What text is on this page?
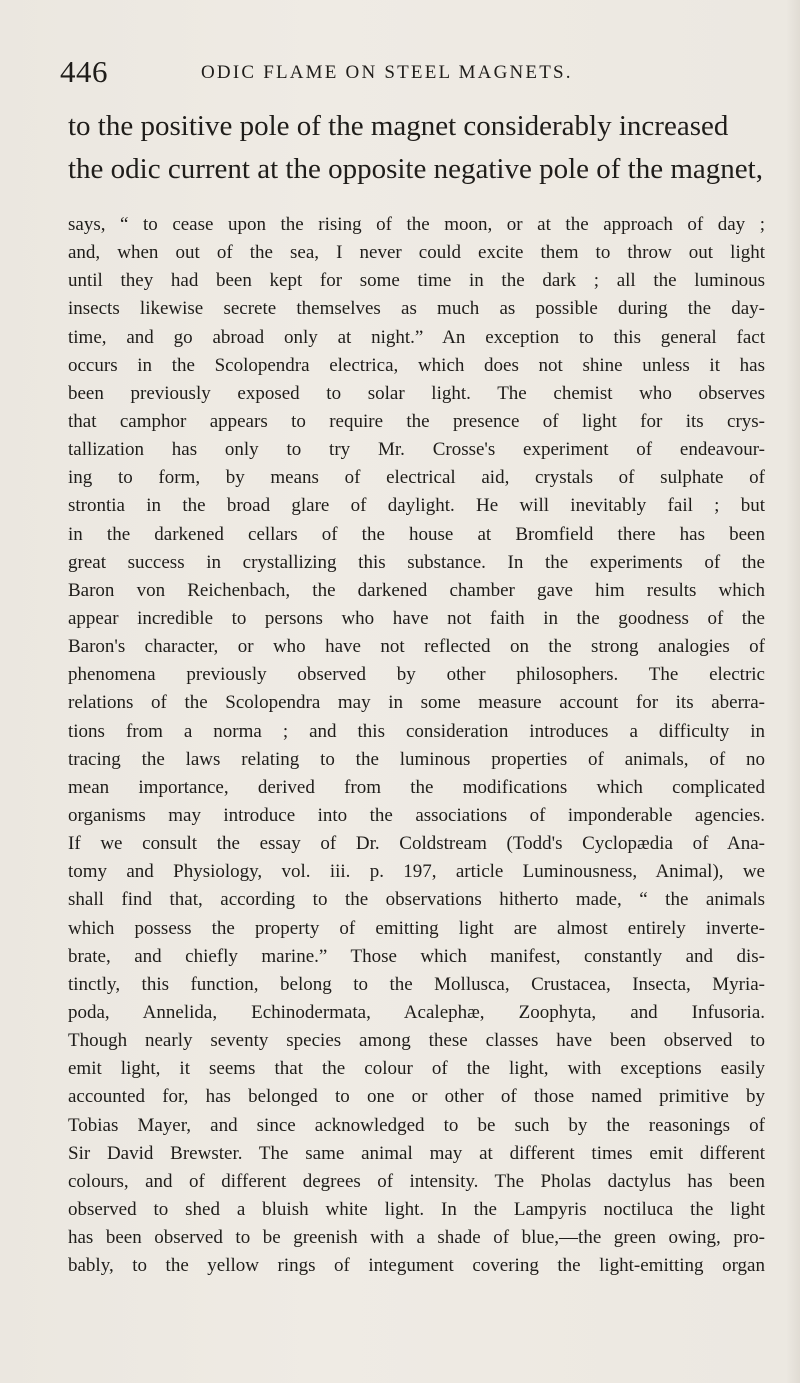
446	ODIC FLAME ON STEEL MAGNETS.
to the positive pole of the magnet considerably increased
the odic current at the opposite negative pole of the magnet,
says, “ to cease upon the rising of the moon, or at the approach of day ;
and, when out of the sea, I never could excite them to throw out light
until they had been kept for some time in the dark ; all the luminous
insects likewise secrete themselves as much as possible during the day-
time, and go abroad only at night.” An exception to this general fact
occurs in the Scolopendra electrica, which does not shine unless it has
been previously exposed to solar light. The chemist who observes
that camphor appears to require the presence of light for its crys-
tallization has only to try Mr. Crosse's experiment of endeavour-
ing to form, by means of electrical aid, crystals of sulphate of
strontia in the broad glare of daylight. He will inevitably fail ; but
in the darkened cellars of the house at Bromfield there has been
great success in crystallizing this substance. In the experiments of the
Baron von Reichenbach, the darkened chamber gave him results which
appear incredible to persons who have not faith in the goodness of the
Baron's character, or who have not reflected on the strong analogies of
phenomena previously observed by other philosophers. The electric
relations of the Scolopendra may in some measure account for its aberra-
tions from a norma ; and this consideration introduces a difficulty in
tracing the laws relating to the luminous properties of animals, of no
mean importance, derived from the modifications which complicated
organisms may introduce into the associations of imponderable agencies.
If we consult the essay of Dr. Coldstream (Todd's Cyclopædia of Ana-
tomy and Physiology, vol. iii. p. 197, article Luminousness, Animal), we
shall find that, according to the observations hitherto made, “ the animals
which possess the property of emitting light are almost entirely inverte-
brate, and chiefly marine.” Those which manifest, constantly and dis-
tinctly, this function, belong to the Mollusca, Crustacea, Insecta, Myria-
poda, Annelida, Echinodermata, Acalephæ, Zoophyta, and Infusoria.
Though nearly seventy species among these classes have been observed to
emit light, it seems that the colour of the light, with exceptions easily
accounted for, has belonged to one or other of those named primitive by
Tobias Mayer, and since acknowledged to be such by the reasonings of
Sir David Brewster. The same animal may at different times emit different
colours, and of different degrees of intensity. The Pholas dactylus has been
observed to shed a bluish white light. In the Lampyris noctiluca the light
has been observed to be greenish with a shade of blue,—the green owing, pro-
bably, to the yellow rings of integument covering the light-emitting organ
